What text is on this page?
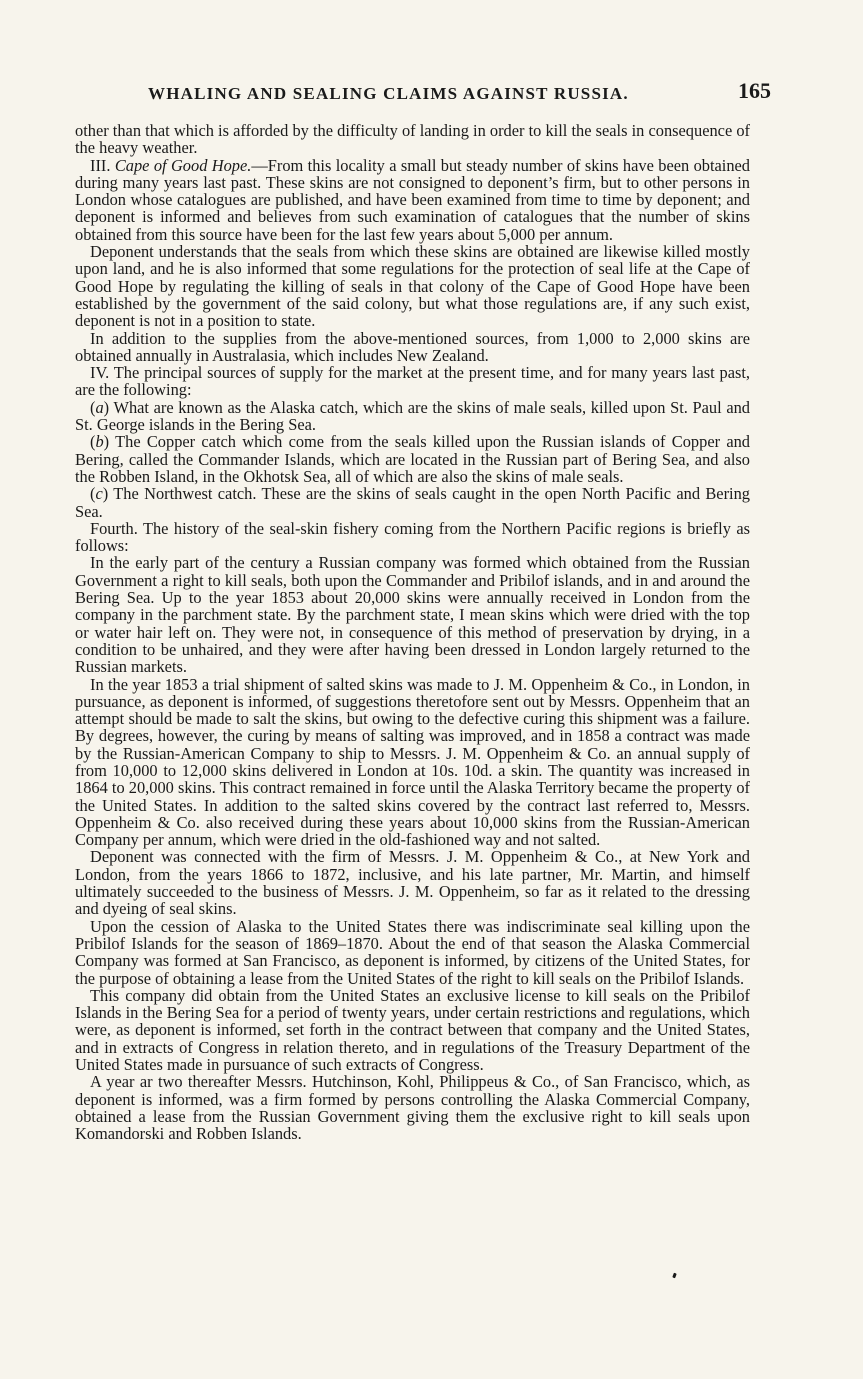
WHALING AND SEALING CLAIMS AGAINST RUSSIA.	165

other than that which is afforded by the difficulty of landing in order to kill the seals in consequence of the heavy weather.

III. Cape of Good Hope.—From this locality a small but steady number of skins have been obtained during many years last past. These skins are not consigned to deponent’s firm, but to other persons in London whose catalogues are published, and have been examined from time to time by deponent; and deponent is informed and believes from such examination of catalogues that the number of skins obtained from this source have been for the last few years about 5,000 per annum.

Deponent understands that the seals from which these skins are obtained are likewise killed mostly upon land, and he is also informed that some regulations for the protection of seal life at the Cape of Good Hope by regulating the killing of seals in that colony of the Cape of Good Hope have been established by the government of the said colony, but what those regulations are, if any such exist, deponent is not in a position to state.

In addition to the supplies from the above-mentioned sources, from 1,000 to 2,000 skins are obtained annually in Australasia, which includes New Zealand.

IV. The principal sources of supply for the market at the present time, and for many years last past, are the following:

(a) What are known as the Alaska catch, which are the skins of male seals, killed upon St. Paul and St. George islands in the Bering Sea.

(b) The Copper catch which come from the seals killed upon the Russian islands of Copper and Bering, called the Commander Islands, which are located in the Russian part of Bering Sea, and also the Robben Island, in the Okhotsk Sea, all of which are also the skins of male seals.

(c) The Northwest catch. These are the skins of seals caught in the open North Pacific and Bering Sea.

Fourth. The history of the seal-skin fishery coming from the Northern Pacific regions is briefly as follows:

In the early part of the century a Russian company was formed which obtained from the Russian Government a right to kill seals, both upon the Commander and Pribilof islands, and in and around the Bering Sea. Up to the year 1853 about 20,000 skins were annually received in London from the company in the parchment state. By the parchment state, I mean skins which were dried with the top or water hair left on. They were not, in consequence of this method of preservation by drying, in a condition to be unhaired, and they were after having been dressed in London largely returned to the Russian markets.

In the year 1853 a trial shipment of salted skins was made to J. M. Oppenheim & Co., in London, in pursuance, as deponent is informed, of suggestions theretofore sent out by Messrs. Oppenheim that an attempt should be made to salt the skins, but owing to the defective curing this shipment was a failure. By degrees, however, the curing by means of salting was improved, and in 1858 a contract was made by the Russian-American Company to ship to Messrs. J. M. Oppenheim & Co. an annual supply of from 10,000 to 12,000 skins delivered in London at 10s. 10d. a skin. The quantity was increased in 1864 to 20,000 skins. This contract remained in force until the Alaska Territory became the property of the United States. In addition to the salted skins covered by the contract last referred to, Messrs. Oppenheim & Co. also received during these years about 10,000 skins from the Russian-American Company per annum, which were dried in the old-fashioned way and not salted.

Deponent was connected with the firm of Messrs. J. M. Oppenheim & Co., at New York and London, from the years 1866 to 1872, inclusive, and his late partner, Mr. Martin, and himself ultimately succeeded to the business of Messrs. J. M. Oppenheim, so far as it related to the dressing and dyeing of seal skins.

Upon the cession of Alaska to the United States there was indiscriminate seal killing upon the Pribilof Islands for the season of 1869–1870. About the end of that season the Alaska Commercial Company was formed at San Francisco, as deponent is informed, by citizens of the United States, for the purpose of obtaining a lease from the United States of the right to kill seals on the Pribilof Islands.

This company did obtain from the United States an exclusive license to kill seals on the Pribilof Islands in the Bering Sea for a period of twenty years, under certain restrictions and regulations, which were, as deponent is informed, set forth in the contract between that company and the United States, and in extracts of Congress in relation thereto, and in regulations of the Treasury Department of the United States made in pursuance of such extracts of Congress.

A year ar two thereafter Messrs. Hutchinson, Kohl, Philippeus & Co., of San Francisco, which, as deponent is informed, was a firm formed by persons controlling the Alaska Commercial Company, obtained a lease from the Russian Government giving them the exclusive right to kill seals upon Komandorski and Robben Islands.
